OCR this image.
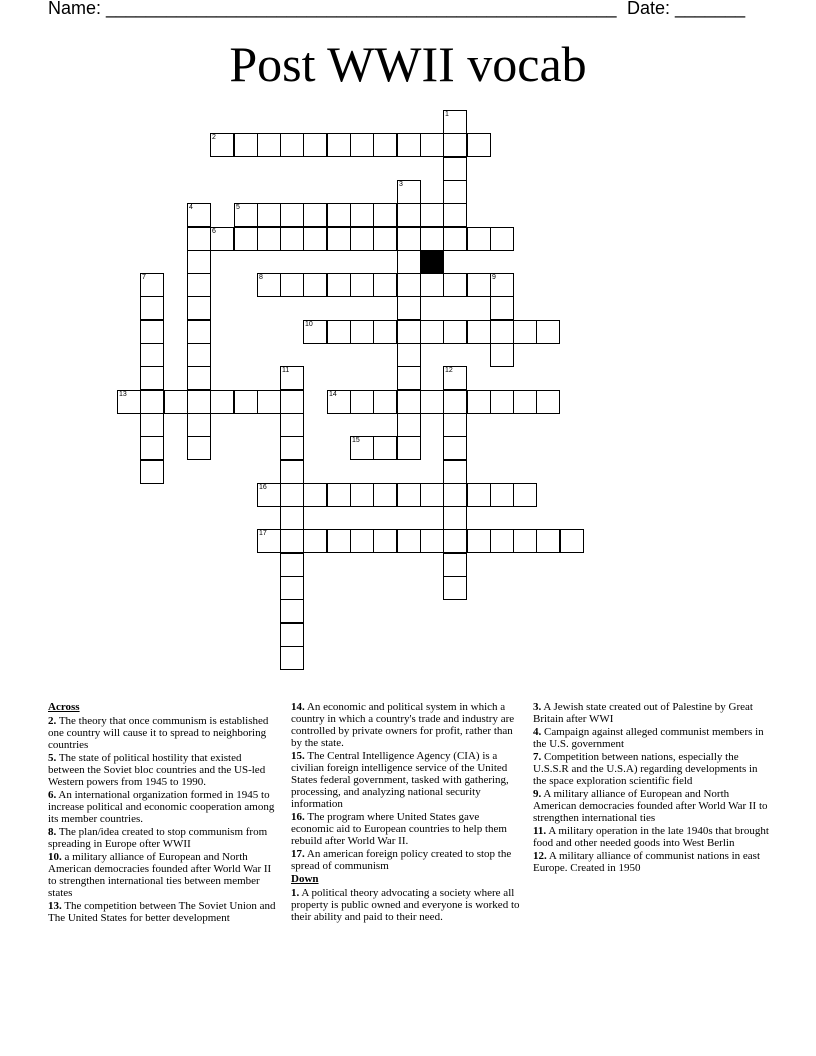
Name: ___________________________________________________ Date: _______
Post WWII vocab
2
5
6
8	9
10
13	14
15
16
17
1
3
4
7
11	12
Across
2. The theory that once communism is established one country will cause it to spread to neighboring countries
5. The state of political hostility that existed between the Soviet bloc countries and the US-led Western powers from 1945 to 1990.
6. An international organization formed in 1945 to increase political and economic cooperation among its member countries.
8. The plan/idea created to stop communism from spreading in Europe ofter WWII
10. a military alliance of European and North American democracies founded after World War II to strengthen international ties between member states
13. The competition between The Soviet Union and The United States for better development
14. An economic and political system in which a country in which a country's trade and industry are controlled by private owners for profit, rather than by the state.
15. The Central Intelligence Agency (CIA) is a civilian foreign intelligence service of the United States federal government, tasked with gathering, processing, and analyzing national security information
16. The program where United States gave economic aid to European countries to help them rebuild after World War II.
17. An american foreign policy created to stop the spread of communism
Down
1. A political theory advocating a society where all property is public owned and everyone is worked to their ability and paid to their need.
3. A Jewish state created out of Palestine by Great Britain after WWI
4. Campaign against alleged communist members in the U.S. government
7. Competition between nations, especially the U.S.S.R and the U.S.A) regarding developments in the space exploration scientific field
9. A military alliance of European and North American democracies founded after World War II to strengthen international ties
11. A military operation in the late 1940s that brought food and other needed goods into West Berlin
12. A military alliance of communist nations in east Europe. Created in 1950
